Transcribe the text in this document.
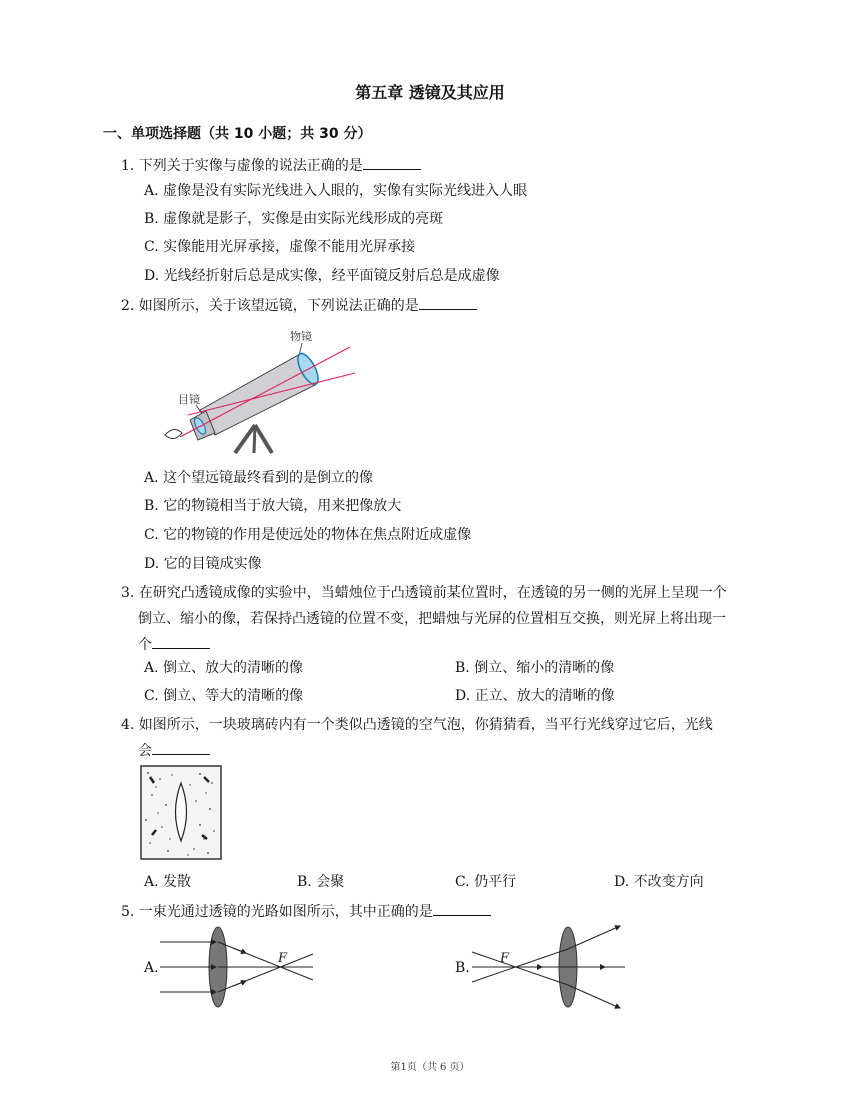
第五章 透镜及其应用
一、单项选择题（共 10 小题；共 30 分）
1. 下列关于实像与虚像的说法正确的是
A. 虚像是没有实际光线进入人眼的，实像有实际光线进入人眼
B. 虚像就是影子，实像是由实际光线形成的亮斑
C. 实像能用光屏承接，虚像不能用光屏承接
D. 光线经折射后总是成实像，经平面镜反射后总是成虚像
2. 如图所示，关于该望远镜，下列说法正确的是
物镜
目镜
A. 这个望远镜最终看到的是倒立的像
B. 它的物镜相当于放大镜，用来把像放大
C. 它的物镜的作用是使远处的物体在焦点附近成虚像
D. 它的目镜成实像
3. 在研究凸透镜成像的实验中，当蜡烛位于凸透镜前某位置时，在透镜的另一侧的光屏上呈现一个
倒立、缩小的像，若保持凸透镜的位置不变，把蜡烛与光屏的位置相互交换，则光屏上将出现一
个
A. 倒立、放大的清晰的像	B. 倒立、缩小的清晰的像
C. 倒立、等大的清晰的像	D. 正立、放大的清晰的像
4. 如图所示，一块玻璃砖内有一个类似凸透镜的空气泡，你猜猜看，当平行光线穿过它后，光线
会
A. 发散	B. 会聚	C. 仍平行	D. 不改变方向
5. 一束光通过透镜的光路如图所示，其中正确的是
A.
F
B.
F
第1页（共 6 页）
